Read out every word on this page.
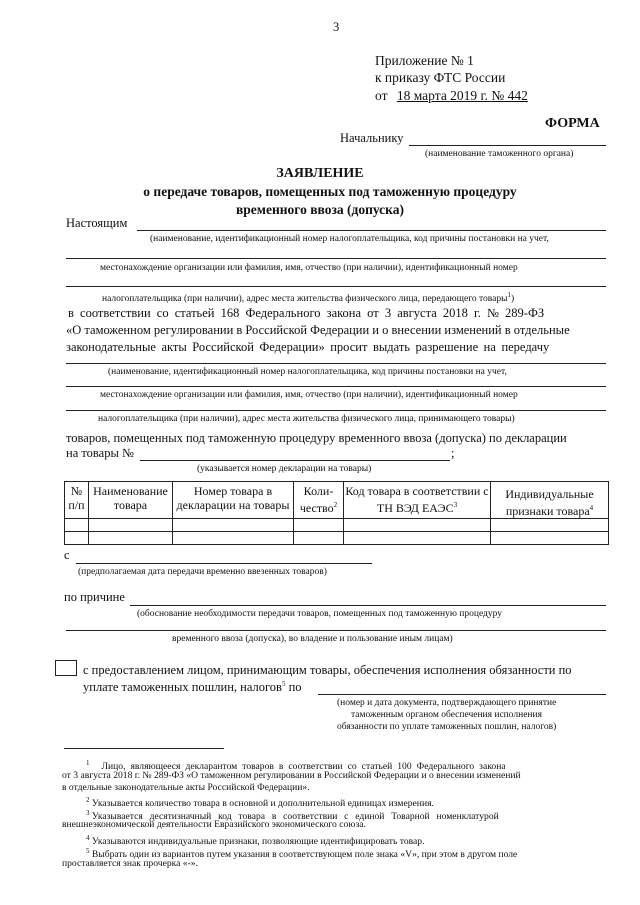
3
Приложение № 1
к приказу ФТС России
от 18 марта 2019 г. № 442
ФОРМА
Начальнику
(наименование таможенного органа)
ЗАЯВЛЕНИЕ
о передаче товаров, помещенных под таможенную процедуру
временного ввоза (допуска)
Настоящим
(наименование, идентификационный номер налогоплательщика, код причины постановки на учет,
местонахождение организации или фамилия, имя, отчество (при наличии), идентификационный номер
налогоплательщика (при наличии), адрес места жительства физического лица, передающего товары$^1$)
в соответствии со статьей 168 Федерального закона от 3 августа 2018 г. № 289-ФЗ
«О таможенном регулировании в Российской Федерации и о внесении изменений в отдельные
законодательные акты Российской Федерации» просит выдать разрешение на передачу
(наименование, идентификационный номер налогоплательщика, код причины постановки на учет,
местонахождение организации или фамилия, имя, отчество (при наличии), идентификационный номер
налогоплательщика (при наличии), адрес места жительства физического лица, принимающего товары)
товаров, помещенных под таможенную процедуру временного ввоза (допуска) по декларации
на товары №	;
(указывается номер декларации на товары)
№ п/п	Наименование товара	Номер товара в декларации на товары	Коли-чество$^2$	Код товара в соответствии с ТН ВЭД ЕАЭС$^3$	Индивидуальные признаки товара$^4$

с
(предполагаемая дата передачи временно ввезенных товаров)
по причине
(обоснование необходимости передачи товаров, помещенных под таможенную процедуру
временного ввоза (допуска), во владение и пользование иным лицам)
с предоставлением лицом, принимающим товары, обеспечения исполнения обязанности по
уплате таможенных пошлин, налогов$^5$ по
(номер и дата документа, подтверждающего принятие
таможенным органом обеспечения исполнения
обязанности по уплате таможенных пошлин, налогов)
$^1$ Лицо, являющееся декларантом товаров в соответствии со статьей 100 Федерального закона
от 3 августа 2018 г. № 289-ФЗ «О таможенном регулировании в Российской Федерации и о внесении изменений
в отдельные законодательные акты Российской Федерации».
$^2$ Указывается количество товара в основной и дополнительной единицах измерения.
$^3$ Указывается десятизначный код товара в соответствии с единой Товарной номенклатурой
внешнеэкономической деятельности Евразийского экономического союза.
$^4$ Указываются индивидуальные признаки, позволяющие идентифицировать товар.
$^5$ Выбрать один из вариантов путем указания в соответствующем поле знака «V», при этом в другом поле
проставляется знак прочерка «-».
